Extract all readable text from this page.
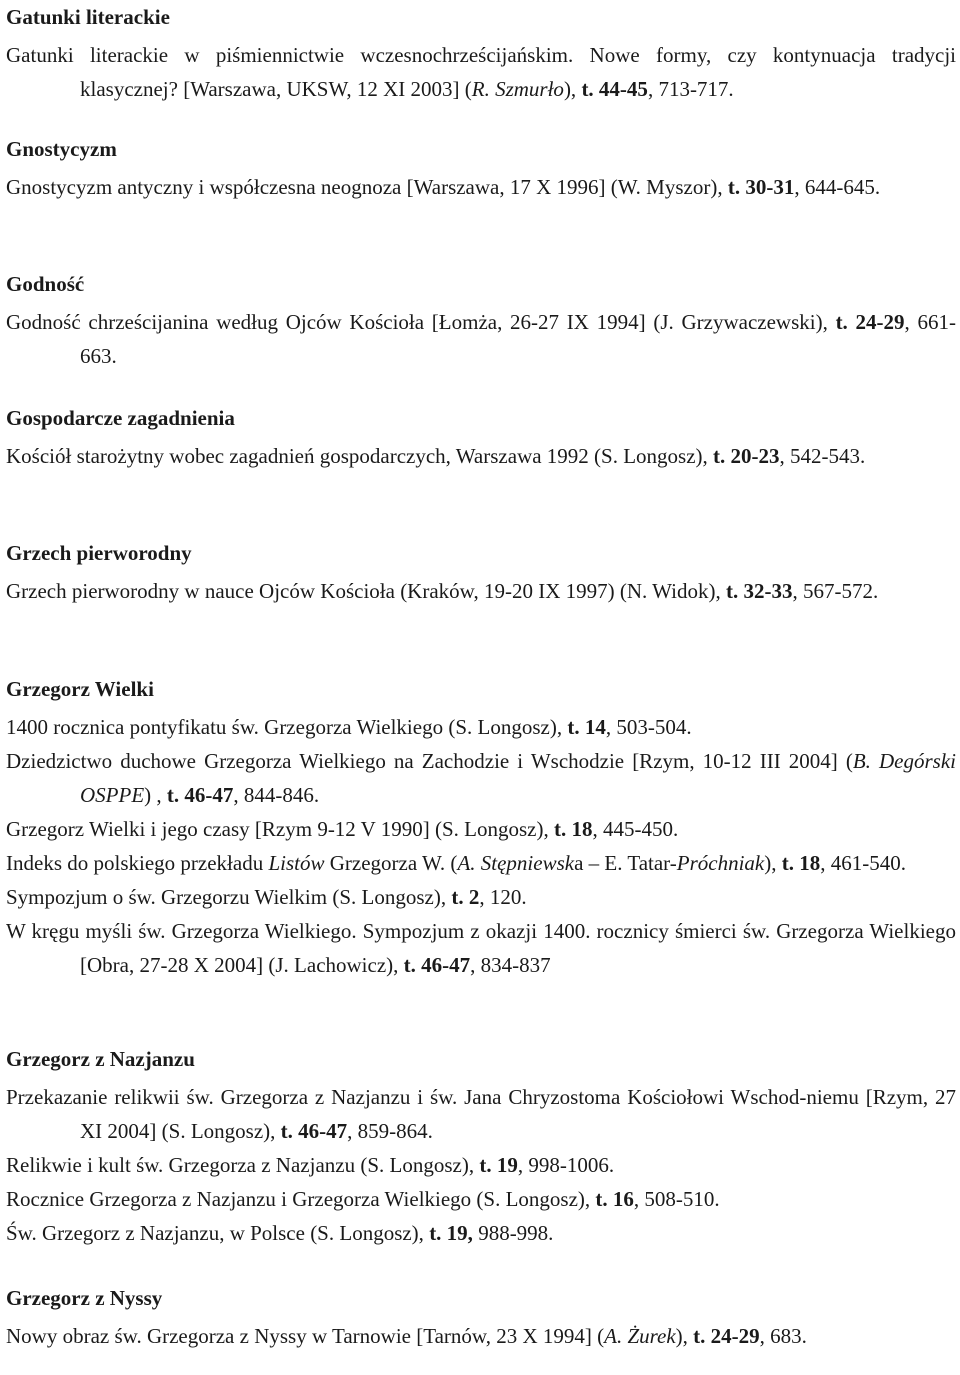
Gatunki literackie
Gatunki literackie w piśmiennictwie wczesnochrześcijańskim. Nowe formy, czy kontynuacja tradycji klasycznej? [Warszawa, UKSW, 12 XI 2003] (R. Szmurło), t. 44-45, 713-717.
Gnostycyzm
Gnostycyzm antyczny i współczesna neognoza [Warszawa, 17 X 1996] (W. Myszor), t. 30-31, 644-645.
Godność
Godność chrześcijanina według Ojców Kościoła [Łomża, 26-27 IX 1994] (J. Grzywaczewski), t. 24-29, 661-663.
Gospodarcze zagadnienia
Kościół starożytny wobec zagadnień gospodarczych, Warszawa 1992 (S. Longosz), t. 20-23, 542-543.
Grzech pierworodny
Grzech pierworodny w nauce Ojców Kościoła (Kraków, 19-20 IX 1997) (N. Widok), t. 32-33, 567-572.
Grzegorz Wielki
1400 rocznica pontyfikatu św. Grzegorza Wielkiego (S. Longosz), t. 14, 503-504.
Dziedzictwo duchowe Grzegorza Wielkiego na Zachodzie i Wschodzie [Rzym, 10-12 III 2004] (B. Degórski OSPPE) , t. 46-47, 844-846.
Grzegorz Wielki i jego czasy [Rzym 9-12 V 1990] (S. Longosz), t. 18, 445-450.
Indeks do polskiego przekładu Listów Grzegorza W. (A. Stępniewska – E. Tatar-Próchniak), t. 18, 461-540.
Sympozjum o św. Grzegorzu Wielkim (S. Longosz), t. 2, 120.
W kręgu myśli św. Grzegorza Wielkiego. Sympozjum z okazji 1400. rocznicy śmierci św. Grzegorza Wielkiego [Obra, 27-28 X 2004] (J. Lachowicz), t. 46-47, 834-837
Grzegorz z Nazjanzu
Przekazanie relikwii św. Grzegorza z Nazjanzu i św. Jana Chryzostoma Kościołowi Wschod-niemu [Rzym, 27 XI 2004] (S. Longosz), t. 46-47, 859-864.
Relikwie i kult św. Grzegorza z Nazjanzu (S. Longosz), t. 19, 998-1006.
Rocznice Grzegorza z Nazjanzu i Grzegorza Wielkiego (S. Longosz), t. 16, 508-510.
Św. Grzegorz z Nazjanzu, w Polsce (S. Longosz), t. 19, 988-998.
Grzegorz z Nyssy
Nowy obraz św. Grzegorza z Nyssy w Tarnowie [Tarnów, 23 X 1994] (A. Żurek), t. 24-29, 683.
